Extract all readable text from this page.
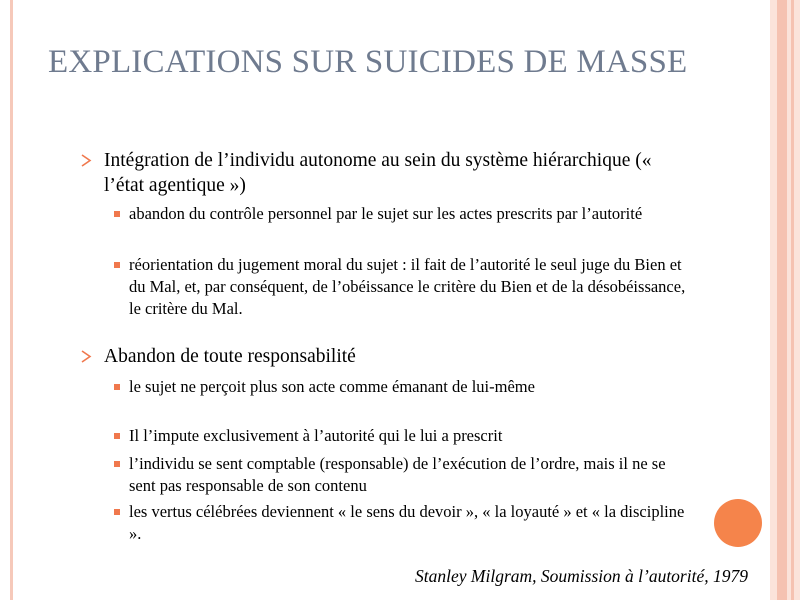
EXPLICATIONS SUR SUICIDES DE MASSE
Intégration de l’individu autonome au sein du système hiérarchique (« l’état agentique »)
abandon du contrôle personnel par le sujet sur les actes prescrits par l’autorité
réorientation du jugement moral du sujet : il fait de l’autorité le seul juge du Bien et du Mal, et, par conséquent, de l’obéissance le critère du Bien et de la désobéissance, le critère du Mal.
Abandon de toute responsabilité
le sujet ne perçoit plus son acte comme émanant de lui-même
Il l’impute exclusivement à l’autorité qui le lui a prescrit
l’individu se sent comptable (responsable) de l’exécution de l’ordre, mais il ne se sent pas responsable de son contenu
les vertus célébrées deviennent « le sens du devoir », « la loyauté » et « la discipline ».
Stanley Milgram, Soumission à l’autorité, 1979
